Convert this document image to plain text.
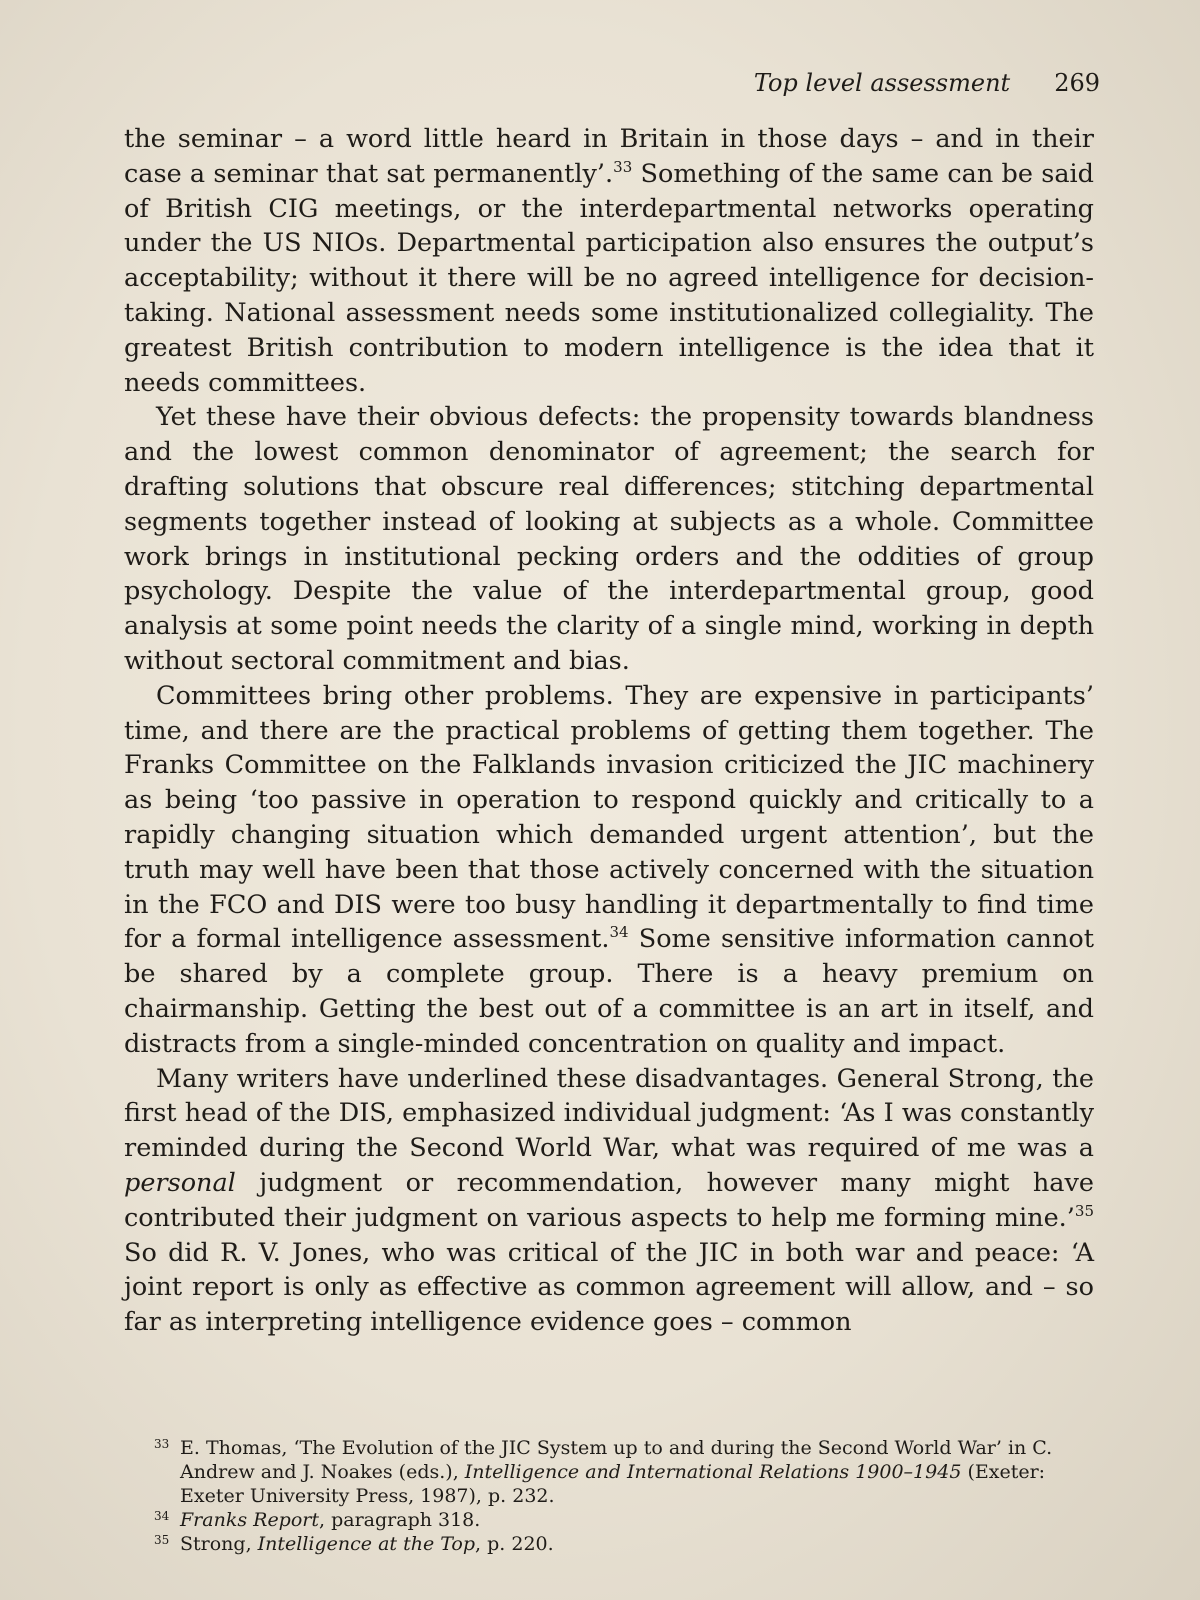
Top level assessment 269

the seminar – a word little heard in Britain in those days – and in their case a seminar that sat permanently’.$^{33}$ Something of the same can be said of British CIG meetings, or the interdepartmental networks operating under the US NIOs. Departmental participation also ensures the output’s acceptability; without it there will be no agreed intelligence for decision-taking. National assessment needs some institutionalized collegiality. The greatest British contribution to modern intelligence is the idea that it needs committees.

Yet these have their obvious defects: the propensity towards blandness and the lowest common denominator of agreement; the search for drafting solutions that obscure real differences; stitching departmental segments together instead of looking at subjects as a whole. Committee work brings in institutional pecking orders and the oddities of group psychology. Despite the value of the interdepartmental group, good analysis at some point needs the clarity of a single mind, working in depth without sectoral commitment and bias.

Committees bring other problems. They are expensive in participants’ time, and there are the practical problems of getting them together. The Franks Committee on the Falklands invasion criticized the JIC machinery as being ‘too passive in operation to respond quickly and critically to a rapidly changing situation which demanded urgent attention’, but the truth may well have been that those actively concerned with the situation in the FCO and DIS were too busy handling it departmentally to find time for a formal intelligence assessment.$^{34}$ Some sensitive information cannot be shared by a complete group. There is a heavy premium on chairmanship. Getting the best out of a committee is an art in itself, and distracts from a single-minded concentration on quality and impact.

Many writers have underlined these disadvantages. General Strong, the first head of the DIS, emphasized individual judgment: ‘As I was constantly reminded during the Second World War, what was required of me was a personal judgment or recommendation, however many might have contributed their judgment on various aspects to help me forming mine.’$^{35}$ So did R. V. Jones, who was critical of the JIC in both war and peace: ‘A joint report is only as effective as common agreement will allow, and – so far as interpreting intelligence evidence goes – common

33 E. Thomas, ‘The Evolution of the JIC System up to and during the Second World War’ in C. Andrew and J. Noakes (eds.), Intelligence and International Relations 1900–1945 (Exeter: Exeter University Press, 1987), p. 232.

34 Franks Report, paragraph 318.

35 Strong, Intelligence at the Top, p. 220.
